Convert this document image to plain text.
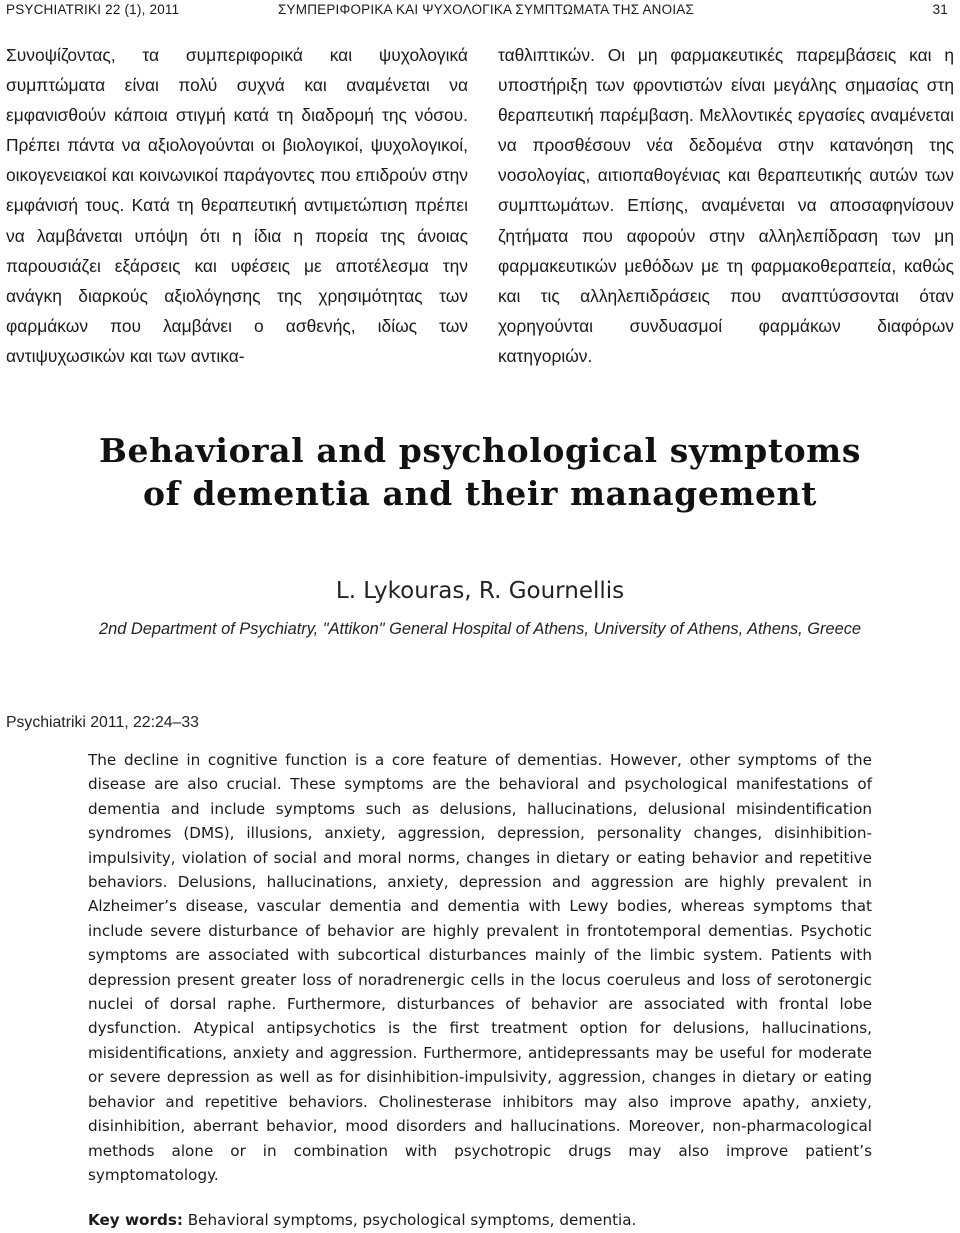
PSYCHIATRIKI 22 (1), 2011	ΣΥΜΠΕΡΙΦΟΡΙΚΑ ΚΑΙ ΨΥΧΟΛΟΓΙΚΑ ΣΥΜΠΤΩΜΑΤΑ ΤΗΣ ΑΝΟΙΑΣ	31

Συνοψίζοντας, τα συμπεριφορικά και ψυχολογικά συμπτώματα είναι πολύ συχνά και αναμένεται να εμφανισθούν κάποια στιγμή κατά τη διαδρομή της νόσου. Πρέπει πάντα να αξιολογούνται οι βιολογικοί, ψυχολογικοί, οικογενειακοί και κοινωνικοί παράγοντες που επιδρούν στην εμφάνισή τους. Κατά τη θεραπευτική αντιμετώπιση πρέπει να λαμβάνεται υπόψη ότι η ίδια η πορεία της άνοιας παρουσιάζει εξάρσεις και υφέσεις με αποτέλεσμα την ανάγκη διαρκούς αξιολόγησης της χρησιμότητας των φαρμάκων που λαμβάνει ο ασθενής, ιδίως των αντιψυχωσικών και των αντικα-

ταθλιπτικών. Οι μη φαρμακευτικές παρεμβάσεις και η υποστήριξη των φροντιστών είναι μεγάλης σημασίας στη θεραπευτική παρέμβαση. Μελλοντικές εργασίες αναμένεται να προσθέσουν νέα δεδομένα στην κατανόηση της νοσολογίας, αιτιοπαθογένιας και θεραπευτικής αυτών των συμπτωμάτων. Επίσης, αναμένεται να αποσαφηνίσουν ζητήματα που αφορούν στην αλληλεπίδραση των μη φαρμακευτικών μεθόδων με τη φαρμακοθεραπεία, καθώς και τις αλληλεπιδράσεις που αναπτύσσονται όταν χορηγούνται συνδυασμοί φαρμάκων διαφόρων κατηγοριών.

Behavioral and psychological symptoms
of dementia and their management
L. Lykouras, R. Gournellis
2nd Department of Psychiatry, "Attikon" General Hospital of Athens, University of Athens, Athens, Greece
Psychiatriki 2011, 22:24–33

The decline in cognitive function is a core feature of dementias. However, other symptoms of the disease are also crucial. These symptoms are the behavioral and psychological manifestations of dementia and include symptoms such as delusions, hallucinations, delusional misindentification syndromes (DMS), illusions, anxiety, aggression, depression, personality changes, disinhibition-impulsivity, violation of social and moral norms, changes in dietary or eating behavior and repetitive behaviors. Delusions, hallucinations, anxiety, depression and aggression are highly prevalent in Alzheimer’s disease, vascular dementia and dementia with Lewy bodies, whereas symptoms that include severe disturbance of behavior are highly prevalent in frontotemporal dementias. Psychotic symptoms are associated with subcortical disturbances mainly of the limbic system. Patients with depression present greater loss of noradrenergic cells in the locus coeruleus and loss of serotonergic nuclei of dorsal raphe. Furthermore, disturbances of behavior are associated with frontal lobe dysfunction. Atypical antipsychotics is the first treatment option for delusions, hallucinations, misidentifications, anxiety and aggression. Furthermore, antidepressants may be useful for moderate or severe depression as well as for disinhibition-impulsivity, aggression, changes in dietary or eating behavior and repetitive behaviors. Cholinesterase inhibitors may also improve apathy, anxiety, disinhibition, aberrant behavior, mood disorders and hallucinations. Moreover, non-pharmacological methods alone or in combination with psychotropic drugs may also improve patient’s symptomatology.

Key words: Behavioral symptoms, psychological symptoms, dementia.
